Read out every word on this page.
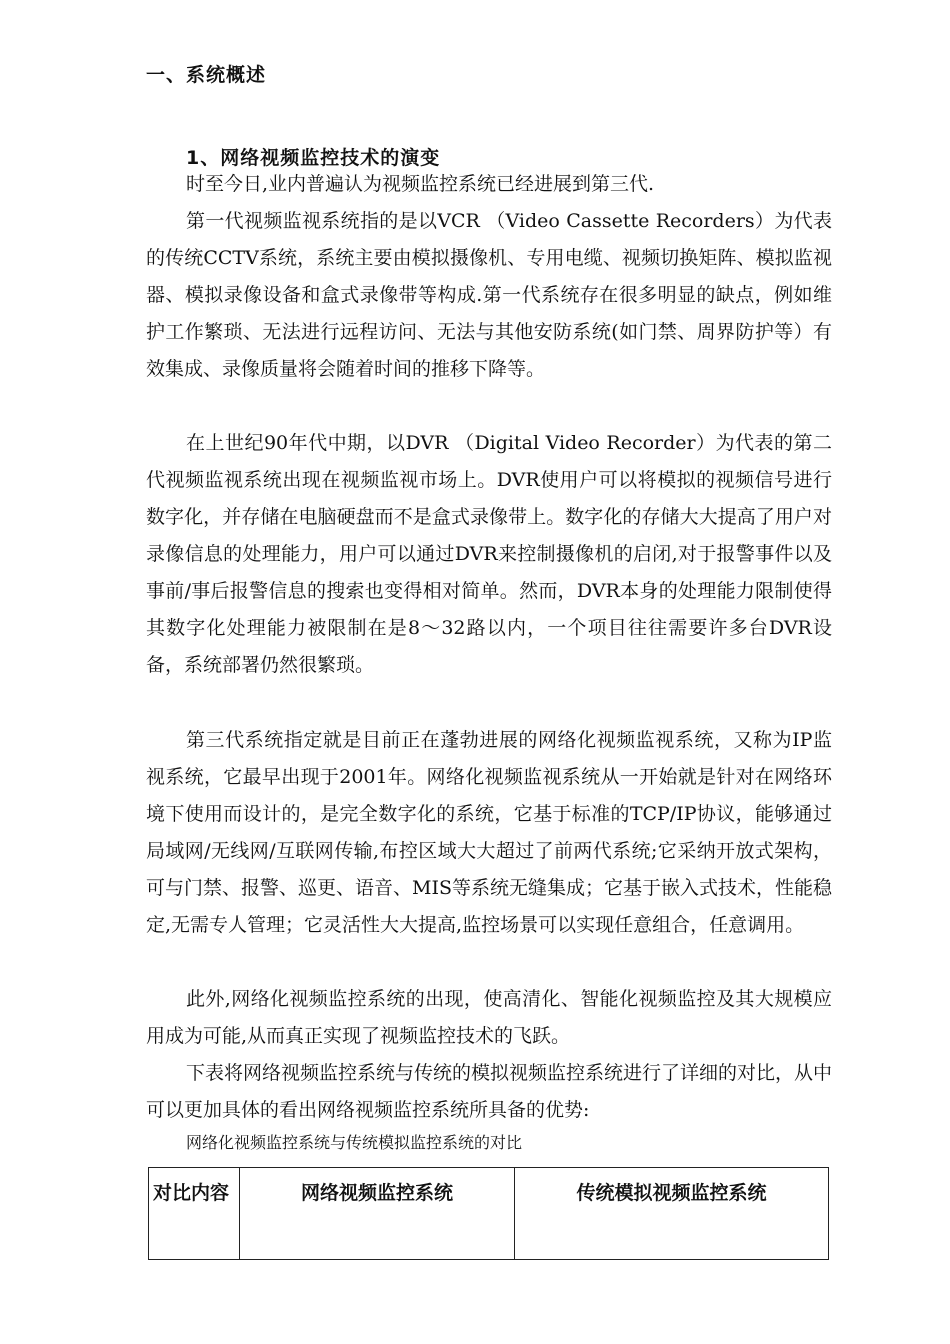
一、系统概述
1、网络视频监控技术的演变

时至今日,业内普遍认为视频监控系统已经进展到第三代.

第一代视频监视系统指的是以VCR （Video Cassette Recorders）为代表的传统CCTV系统，系统主要由模拟摄像机、专用电缆、视频切换矩阵、模拟监视器、模拟录像设备和盒式录像带等构成.第一代系统存在很多明显的缺点，例如维护工作繁琐、无法进行远程访问、无法与其他安防系统(如门禁、周界防护等）有效集成、录像质量将会随着时间的推移下降等。

在上世纪90年代中期，以DVR （Digital Video Recorder）为代表的第二代视频监视系统出现在视频监视市场上。DVR使用户可以将模拟的视频信号进行数字化，并存储在电脑硬盘而不是盒式录像带上。数字化的存储大大提高了用户对录像信息的处理能力，用户可以通过DVR来控制摄像机的启闭,对于报警事件以及事前/事后报警信息的搜索也变得相对简单。然而，DVR本身的处理能力限制使得其数字化处理能力被限制在是8～32路以内，一个项目往往需要许多台DVR设备，系统部署仍然很繁琐。

第三代系统指定就是目前正在蓬勃进展的网络化视频监视系统，又称为IP监视系统，它最早出现于2001年。网络化视频监视系统从一开始就是针对在网络环境下使用而设计的，是完全数字化的系统，它基于标准的TCP/IP协议，能够通过局域网/无线网/互联网传输,布控区域大大超过了前两代系统;它采纳开放式架构，可与门禁、报警、巡更、语音、MIS等系统无缝集成；它基于嵌入式技术，性能稳定,无需专人管理；它灵活性大大提高,监控场景可以实现任意组合，任意调用。

此外,网络化视频监控系统的出现，使高清化、智能化视频监控及其大规模应用成为可能,从而真正实现了视频监控技术的飞跃。

下表将网络视频监控系统与传统的模拟视频监控系统进行了详细的对比，从中可以更加具体的看出网络视频监控系统所具备的优势:

网络化视频监控系统与传统模拟监控系统的对比
对比内容	网络视频监控系统	传统模拟视频监控系统
